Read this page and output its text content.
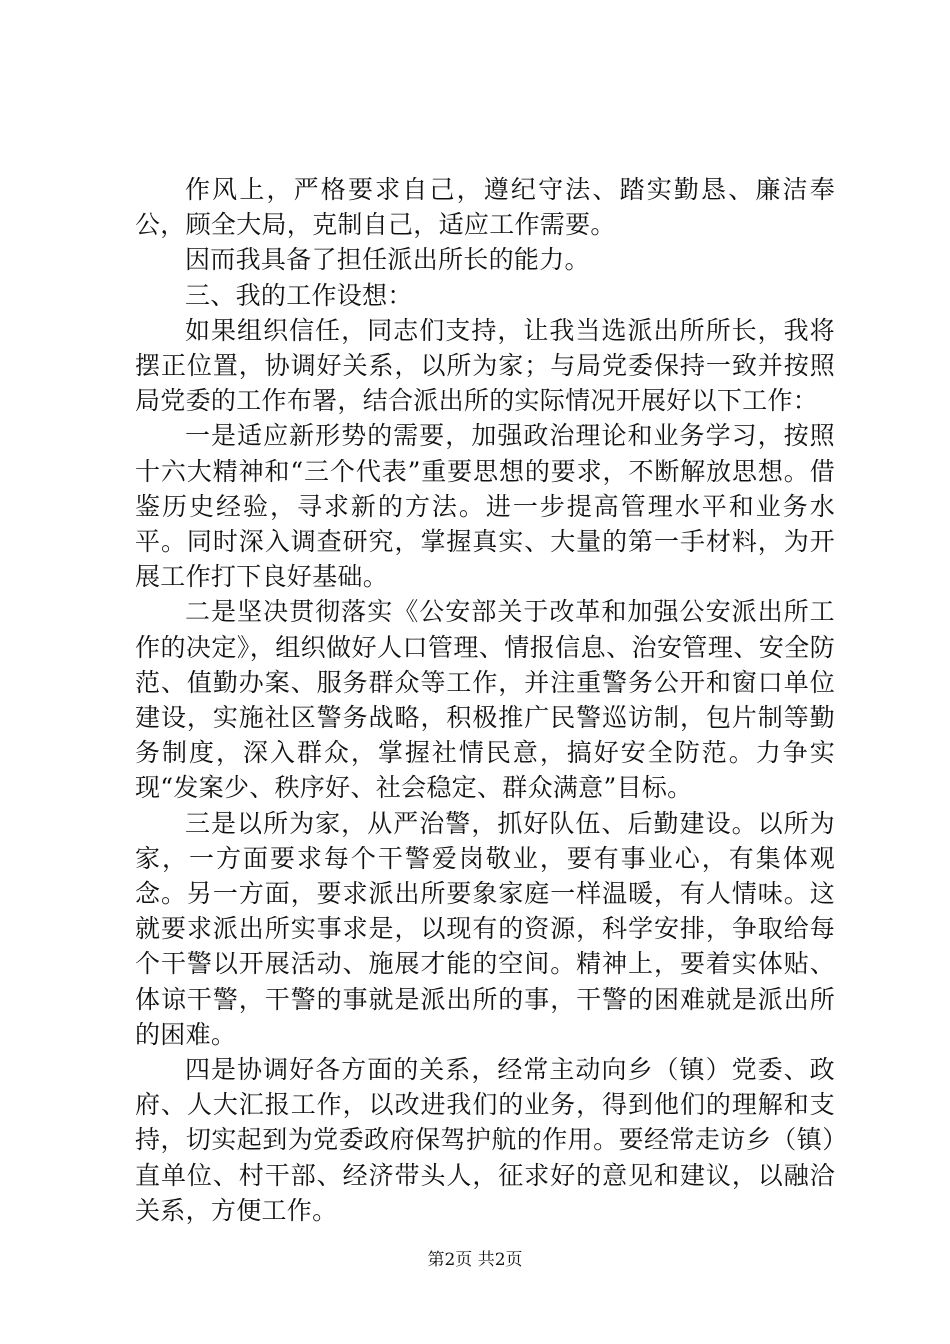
作风上，严格要求自己，遵纪守法、踏实勤恳、廉洁奉公，顾全大局，克制自己，适应工作需要。

因而我具备了担任派出所长的能力。

三、我的工作设想：

如果组织信任，同志们支持，让我当选派出所所长，我将摆正位置，协调好关系，以所为家；与局党委保持一致并按照局党委的工作布署，结合派出所的实际情况开展好以下工作：

一是适应新形势的需要，加强政治理论和业务学习，按照十六大精神和“三个代表”重要思想的要求，不断解放思想。借鉴历史经验，寻求新的方法。进一步提高管理水平和业务水平。同时深入调查研究，掌握真实、大量的第一手材料，为开展工作打下良好基础。

二是坚决贯彻落实《公安部关于改革和加强公安派出所工作的决定》，组织做好人口管理、情报信息、治安管理、安全防范、值勤办案、服务群众等工作，并注重警务公开和窗口单位建设，实施社区警务战略，积极推广民警巡访制，包片制等勤务制度，深入群众，掌握社情民意，搞好安全防范。力争实现“发案少、秩序好、社会稳定、群众满意”目标。

三是以所为家，从严治警，抓好队伍、后勤建设。以所为家，一方面要求每个干警爱岗敬业，要有事业心，有集体观念。另一方面，要求派出所要象家庭一样温暖，有人情味。这就要求派出所实事求是，以现有的资源，科学安排，争取给每个干警以开展活动、施展才能的空间。精神上，要着实体贴、体谅干警，干警的事就是派出所的事，干警的困难就是派出所的困难。

四是协调好各方面的关系，经常主动向乡（镇）党委、政府、人大汇报工作，以改进我们的业务，得到他们的理解和支持，切实起到为党委政府保驾护航的作用。要经常走访乡（镇）直单位、村干部、经济带头人，征求好的意见和建议，以融洽关系，方便工作。

第2页 共2页
